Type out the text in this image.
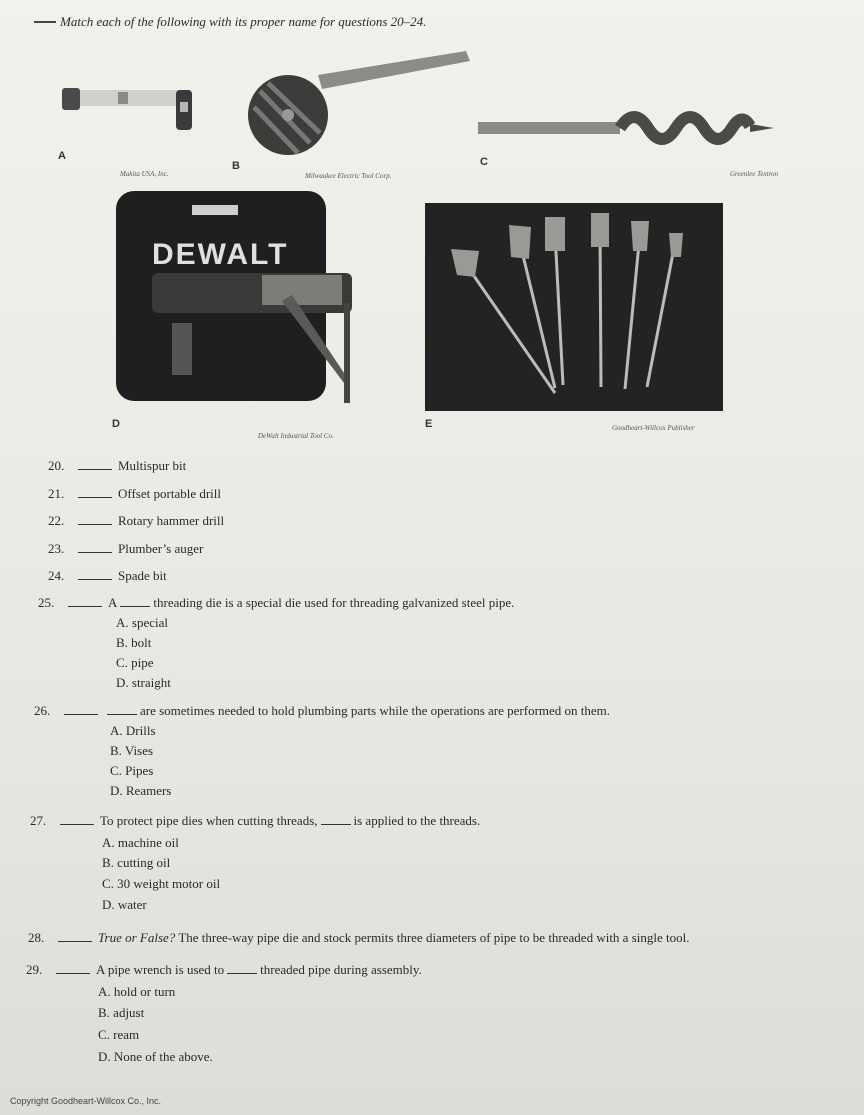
Match each of the following with its proper name for questions 20–24.
A
Makita USA, Inc.
B
Milwaukee Electric Tool Corp.
C
Greenlee Textron
DEWALT
D
DeWalt Industrial Tool Co.
E	Goodheart-Willcox Publisher
20.	Multispur bit
21.	Offset portable drill
22.	Rotary hammer drill
23.	Plumber’s auger
24.	Spade bit
25.	A	threading die is a special die used for threading galvanized steel pipe.
A. special
B. bolt
C. pipe
D. straight
26.	are sometimes needed to hold plumbing parts while the operations are performed on them.
A. Drills
B. Vises
C. Pipes
D. Reamers
27.	To protect pipe dies when cutting threads,	is applied to the threads.
A. machine oil
B. cutting oil
C. 30 weight motor oil
D. water
28.	True or False? The three-way pipe die and stock permits three diameters of pipe to be threaded with a single tool.
29.	A pipe wrench is used to	threaded pipe during assembly.
A. hold or turn
B. adjust
C. ream
D. None of the above.
Copyright Goodheart-Willcox Co., Inc.
